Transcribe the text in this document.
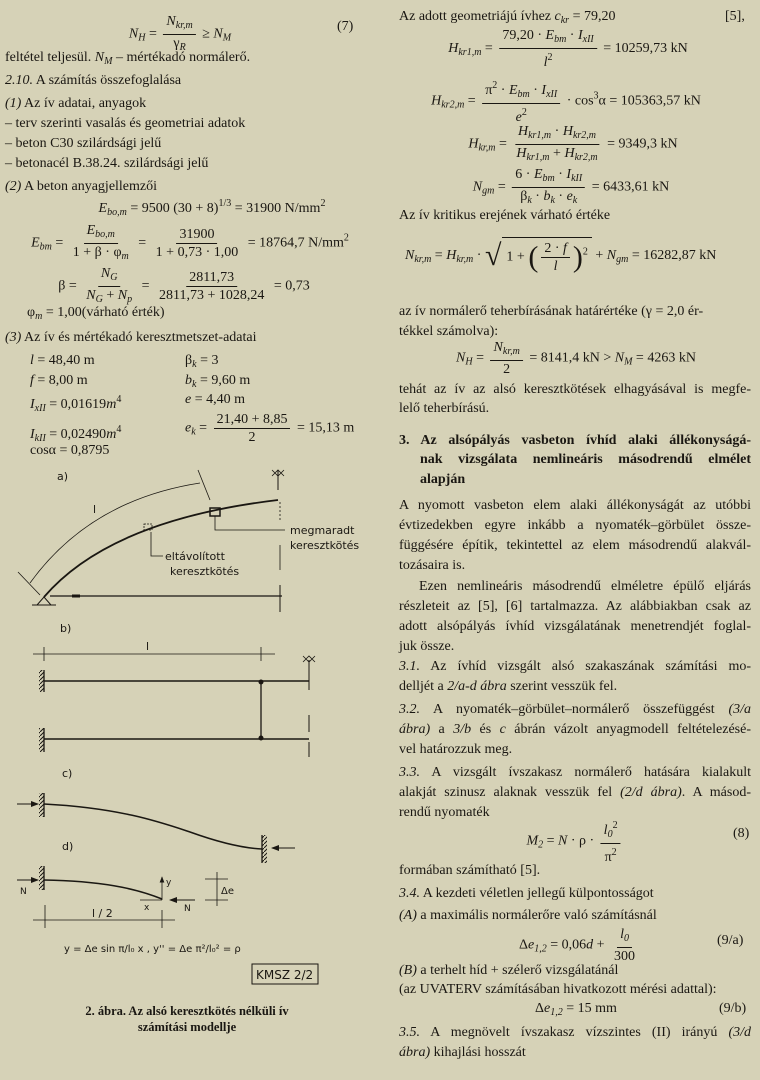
$N_H = \frac{N_{kr,m}}{\gamma_R} \ge N_M$
(7)
feltétel teljesül. $N_M$ – mértékadó normálerő.
2.10. A számítás összefoglalása
(1) Az ív adatai, anyagok
– terv szerinti vasalás és geometriai adatok
– beton C30 szilárdsági jelű
– betonacél B.38.24. szilárdsági jelű
(2) A beton anyagjellemzői
$E_{bo,m} = 9500$ $(30 + 8)^{1/3} = 31900$ $N/mm^2$
$E_{bm} = \frac{E_{bo,m}}{1 + \beta \cdot \varphi_m} = \frac{31900}{1 + 0,73 \cdot 1,00} = 18764,7$ $N/mm^2$
$\beta = \frac{N_G}{N_G + N_p} = \frac{2811,73}{2811,73 + 1028,24} = 0,73$
$\varphi_m$ = 1,00(várható érték)
(3) Az ív és mértékadó keresztmetszet-adatai
l = 48,40 m
f = 8,00 m
$I_{xII} = 0,01619m^4$
$I_{kII} = 0,02490m^4$
cosα = 0,8795
$\beta_k = 3$
$b_k = 9,60$ m
e = 4,40 m
$e_k = \frac{21,40 + 8,85}{2} = 15,13$ m
a)
l
megmaradt
keresztkötés
eltávolított
keresztkötés
b)
l
c)
d)
N
y
x	N
Δe
l / 2
y = Δe sin π/l₀ x , y'' = Δe π²/l₀² = ρ
KMSZ 2/2
2. ábra. Az alsó keresztkötés nélküli ív
számítási modellje
Az adott geometriájú ívhez $c_{kr} = 79,20$	[5],
$H_{kr1,m} = \frac{79,20 \cdot E_{bm} \cdot I_{xII}}{l^2} = 10259,73$ kN
$H_{kr2,m} = \frac{\pi^2 \cdot E_{bm} \cdot I_{xII}}{e^2} \cdot \cos^3\alpha = 105363,57$ kN
$H_{kr,m} = \frac{H_{kr1,m} \cdot H_{kr2,m}}{H_{kr1,m} + H_{kr2,m}} = 9349,3$ kN
$N_{gm} = \frac{6 \cdot E_{bm} \cdot I_{kII}}{\beta_k \cdot b_k \cdot e_k} = 6433,61$ kN
Az ív kritikus erejének várható értéke
$N_{kr,m} = H_{kr,m}$ · √ 1 + ( $\frac{2 \cdot f}{l} )^2 + N_{gm} = 16282,87$ kN
az ív normálerő teherbírásának határértéke (γ = 2,0 ér-
tékkel számolva):
$N_H = \frac{N_{kr,m}}{2} = 8141,4$ kN > $N_M = 4263$ kN
tehát az ív az alsó keresztkötések elhagyásával is megfe-
lelő teherbírású.
3. Az alsópályás vasbeton ívhíd alaki állékonyságá-
nak vizsgálata nemlineáris másodrendű elmélet
alapján
A nyomott vasbeton elem alaki állékonyságát az utóbbi
évtizedekben egyre inkább a nyomaték–görbület össze-
függésére építik, tekintettel az elem másodrendű alakvál-
tozásaira is.
Ezen nemlineáris másodrendű elméletre épülő eljárás
részleteit az [5], [6] tartalmazza. Az alábbiakban csak az
adott alsópályás ívhíd vizsgálatának menetrendjét foglal-
juk össze.
3.1. Az ívhíd vizsgált alsó szakaszának számítási mo-
delljét a 2/a-d ábra szerint vesszük fel.
3.2. A nyomaték–görbület–normálerő összefüggést (3/a
ábra) a 3/b és c ábrán vázolt anyagmodell feltételezésé-
vel határozzuk meg.
3.3. A vizsgált ívszakasz normálerő hatására kialakult
alakját szinusz alaknak vesszük fel (2/d ábra). A másod-
rendű nyomaték
$M_2 = N \cdot \rho \cdot \frac{l_0^2}{\pi^2}$	(8)
formában számítható [5].
3.4. A kezdeti véletlen jellegű külpontosságot
(A) a maximális normálerőre való számításnál
$\Delta e_{1,2} = 0,06d + \frac{l_0}{300}$	(9/a)
(B) a terhelt híd + szélerő vizsgálatánál
(az UVATERV számításában hivatkozott mérési adattal):
$\Delta e_{1,2} = 15$ mm	(9/b)
3.5. A megnövelt ívszakasz vízszintes (II) irányú (3/d
ábra) kihajlási hosszát
